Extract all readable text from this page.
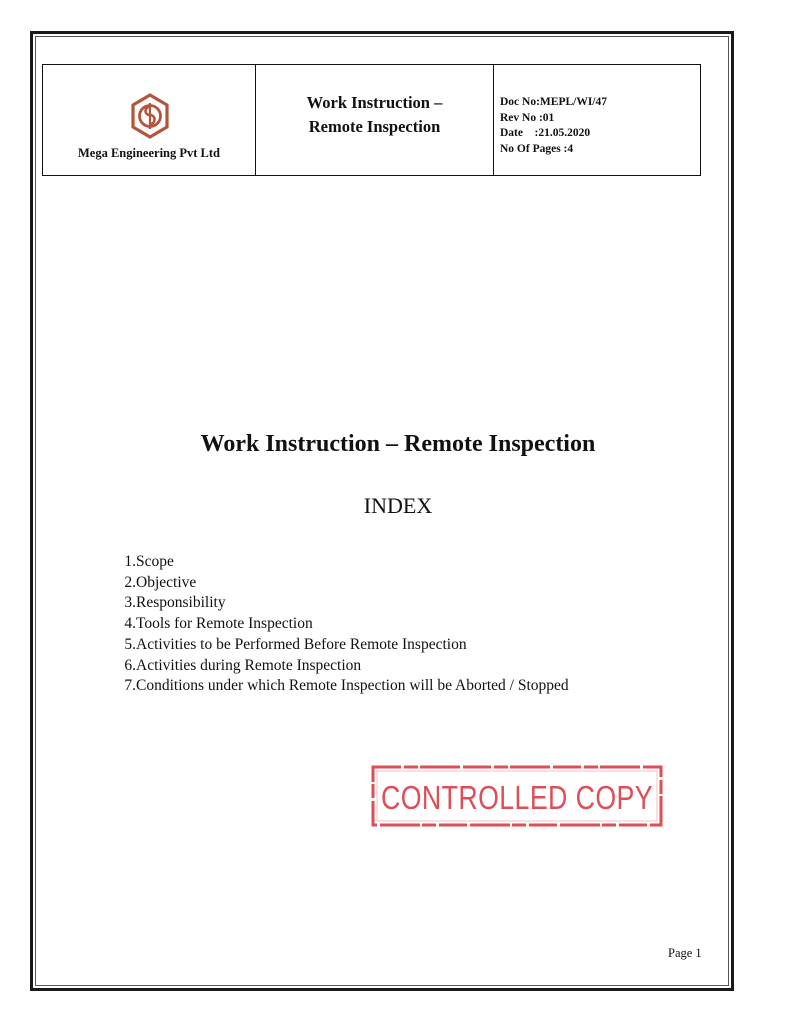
Mega Engineering Pvt Ltd
Work Instruction –
Remote Inspection
Doc No: MEPL/WI/47
Rev No : 01
Date    : 21.05.2020
No Of Pages : 4
Work Instruction – Remote Inspection
INDEX
1. Scope
2. Objective
3. Responsibility
4. Tools for Remote Inspection
5. Activities to be Performed Before Remote Inspection
6. Activities during Remote Inspection
7. Conditions under which Remote Inspection will be Aborted / Stopped
CONTROLLED COPY
Page 1
